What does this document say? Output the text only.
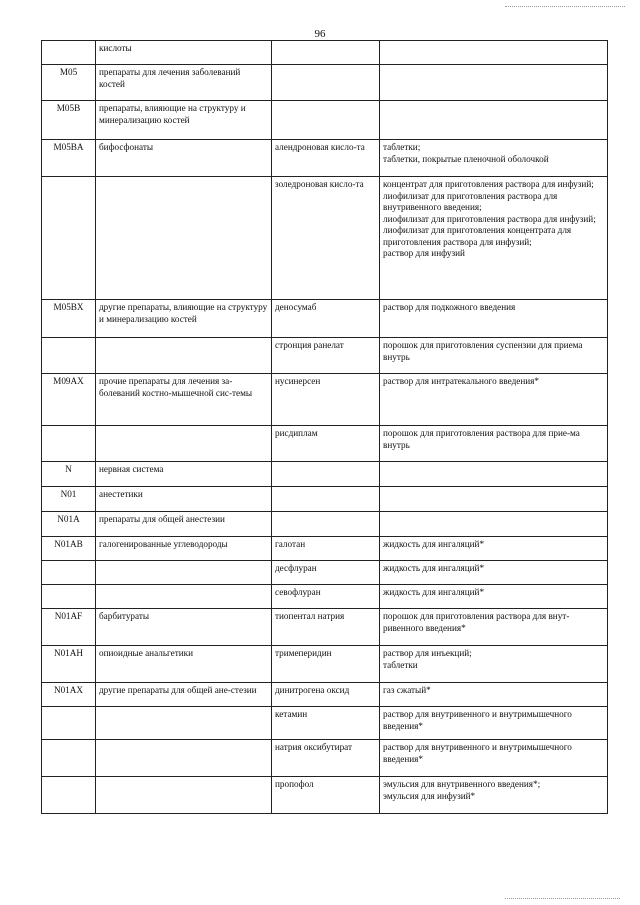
96
	кислоты		
M05	препараты для лечения заболеваний костей		
M05B	препараты, влияющие на структуру и минерализацию костей		
M05BA	бифосфонаты	алендроновая кисло-та	таблетки;
таблетки, покрытые пленочной оболочкой
		золедроновая кисло-та	концентрат для приготовления раствора для инфузий;
лиофилизат для приготовления раствора для внутривенного введения;
лиофилизат для приготовления раствора для инфузий;
лиофилизат для приготовления концентрата для приготовления раствора для инфузий;
раствор для инфузий
M05BX	другие препараты, влияющие на структуру и минерализацию костей	деносумаб	раствор для подкожного введения
		стронция ранелат	порошок для приготовления суспензии для приема внутрь
M09AX	прочие препараты для лечения за-болеваний костно-мышечной сис-темы	нусинерсен	раствор для интратекального введения*
		рисдиплам	порошок для приготовления раствора для прие-ма внутрь
N	нервная система		
N01	анестетики		
N01A	препараты для общей анестезии		
N01AB	галогенированные углеводороды	галотан	жидкость для ингаляций*
		десфлуран	жидкость для ингаляций*
		севофлуран	жидкость для ингаляций*
N01AF	барбитураты	тиопентал натрия	порошок для приготовления раствора для внут-ривенного введения*
N01AH	опиоидные анальгетики	тримеперидин	раствор для инъекций;
таблетки
N01AX	другие препараты для общей ане-стезии	динитрогена оксид	газ сжатый*
		кетамин	раствор для внутривенного и внутримышечного введения*
		натрия оксибутират	раствор для внутривенного и внутримышечного введения*
		пропофол	эмульсия для внутривенного введения*;
эмульсия для инфузий*
